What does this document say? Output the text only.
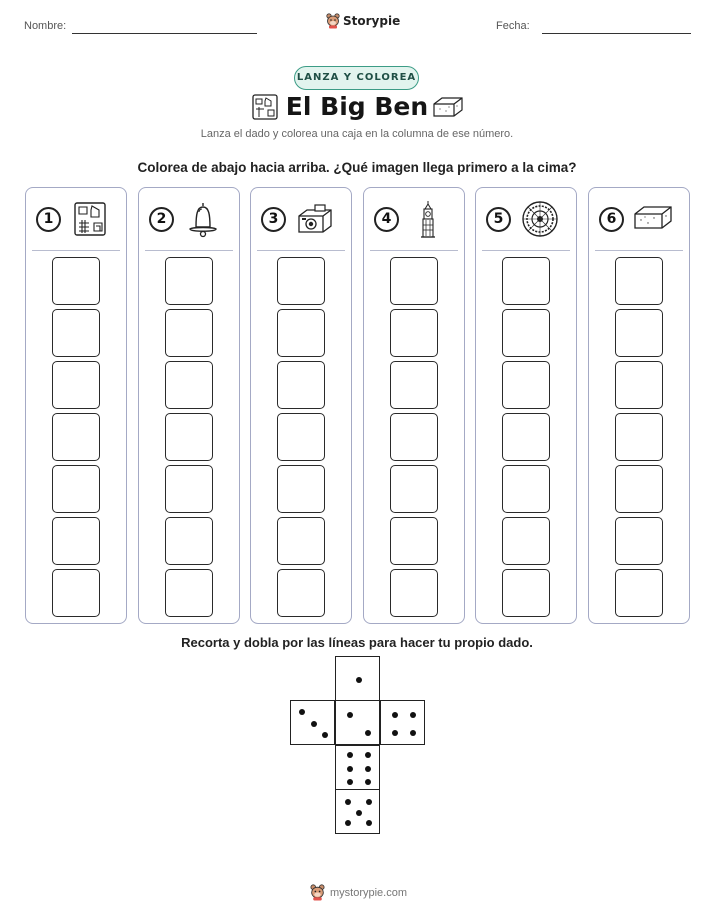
Nombre:	Storypie	Fecha:
LANZA Y COLOREA
El Big Ben
Lanza el dado y colorea una caja en la columna de ese número.
Colorea de abajo hacia arriba. ¿Qué imagen llega primero a la cima?
1	2	3	4	5	6
Recorta y dobla por las líneas para hacer tu propio dado.
mystorypie.com
